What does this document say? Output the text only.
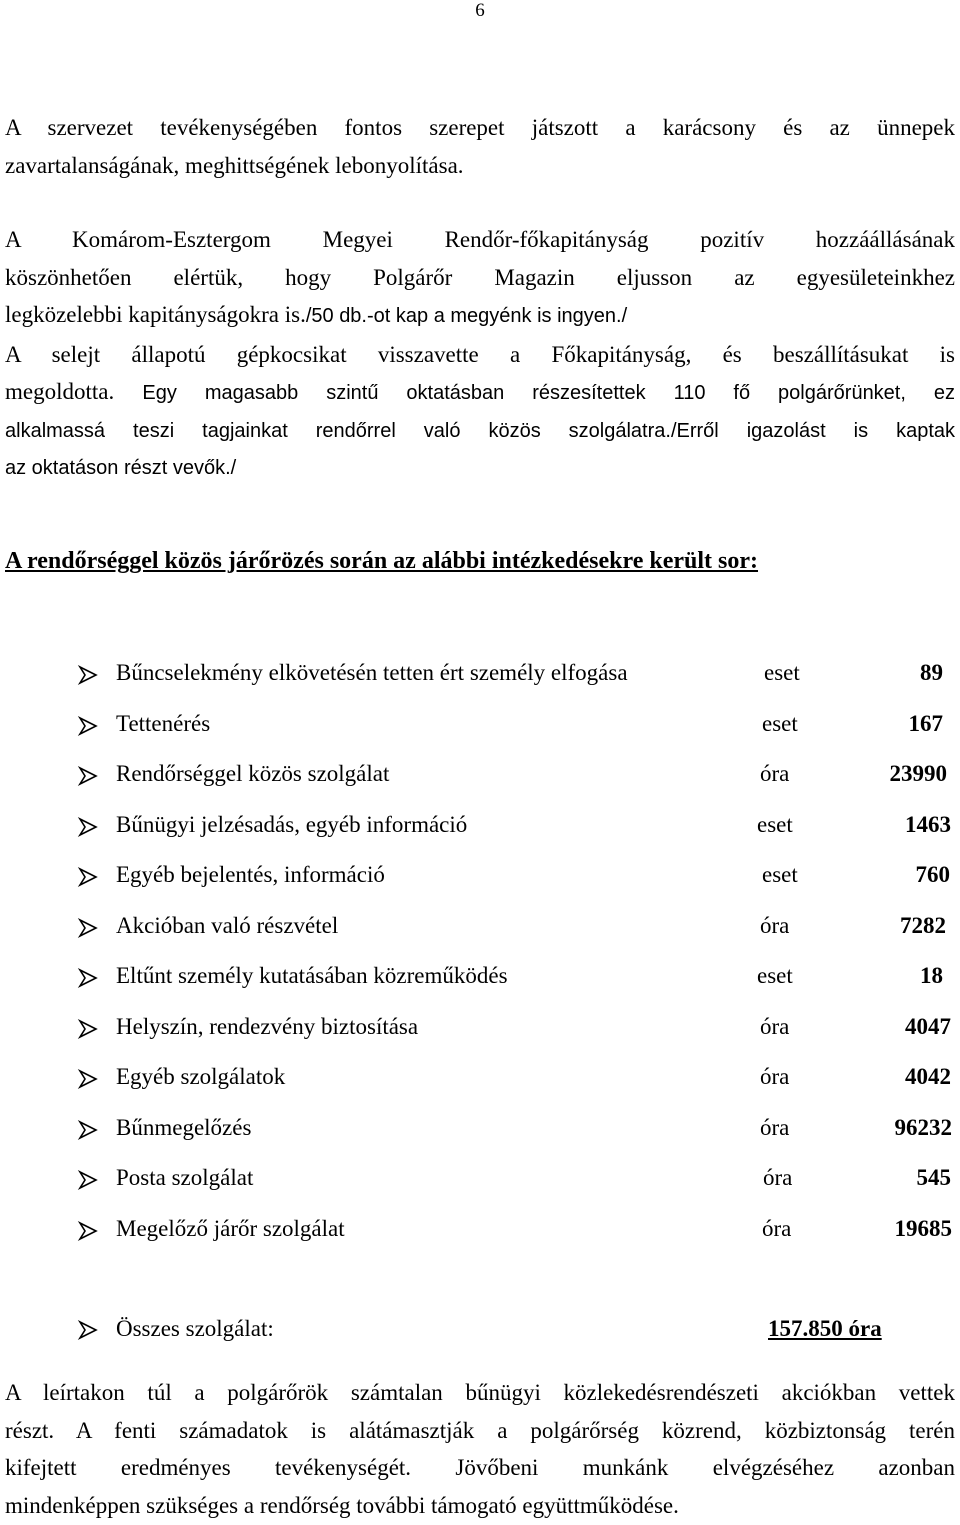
6

A szervezet tevékenységében fontos szerepet játszott a karácsony és az ünnepek
zavartalanságának, meghittségének lebonyolítása.

A Komárom-Esztergom Megyei Rendőr-főkapitányság pozitív hozzáállásának
köszönhetően elértük, hogy Polgárőr Magazin eljusson az egyesületeinkhez
legközelebbi kapitányságokra is./50 db.-ot kap a megyénk is ingyen./
A selejt állapotú gépkocsikat visszavette a Főkapitányság, és beszállításukat is
megoldotta. Egy magasabb szintű oktatásban részesítettek 110 fő polgárőrünket, ez
alkalmassá teszi tagjainkat rendőrrel való közös szolgálatra./Erről igazolást is kaptak
az oktatáson részt vevők./

A rendőrséggel közös járőrözés során az alábbi intézkedésekre került sor:
Bűncselekmény elkövetésén tetten ért személy elfogása	eset	89
Tettenérés	eset	167
Rendőrséggel közös szolgálat	óra	23990
Bűnügyi jelzésadás, egyéb információ	eset	1463
Egyéb bejelentés, információ	eset	760
Akcióban való részvétel	óra	7282
Eltűnt személy kutatásában közreműködés	eset	18
Helyszín, rendezvény biztosítása	óra	4047
Egyéb szolgálatok	óra	4042
Bűnmegelőzés	óra	96232
Posta szolgálat	óra	545
Megelőző járőr szolgálat	óra	19685
Összes szolgálat:	157.850 óra

A leírtakon túl a polgárőrök számtalan bűnügyi közlekedésrendészeti akciókban vettek
részt. A fenti számadatok is alátámasztják a polgárőrség közrend, közbiztonság terén
kifejtett eredményes tevékenységét. Jövőbeni munkánk elvégzéséhez azonban
mindenképpen szükséges a rendőrség további támogató együttműködése.
